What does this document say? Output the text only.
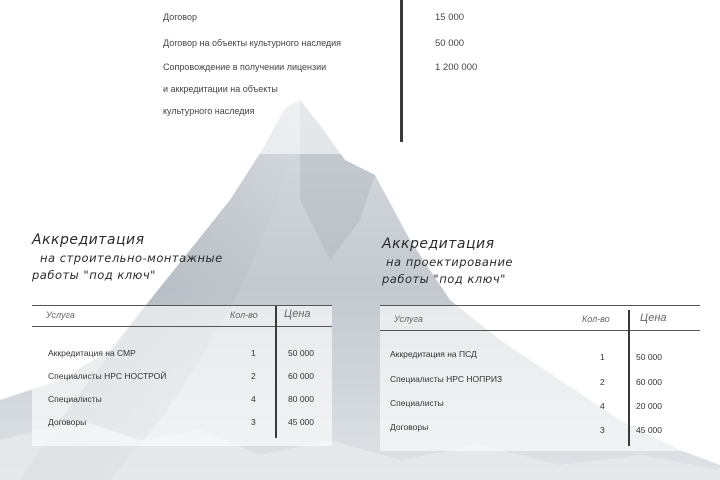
Договор	15 000
Договор на объекты культурного наследия	50 000
Сопровождение в получении лицензии	1 200 000
и аккредитации на объекты
культурного наследия
Аккредитация
на строительно-монтажные
работы "под ключ"
Аккредитация
на проектирование
работы "под ключ"
Услуга	Кол-во Цена
Аккредитация на СМР	1	50 000
Специалисты НРС НОСТРОЙ	2	60 000
Специалисты	4	80 000
Договоры	3	45 000
Услуга	Кол-во	Цена
Аккредитация на ПСД	1	50 000
Специалисты НРС НОПРИЗ	2	60 000
Специалисты	4	20 000
Договоры	3	45 000
